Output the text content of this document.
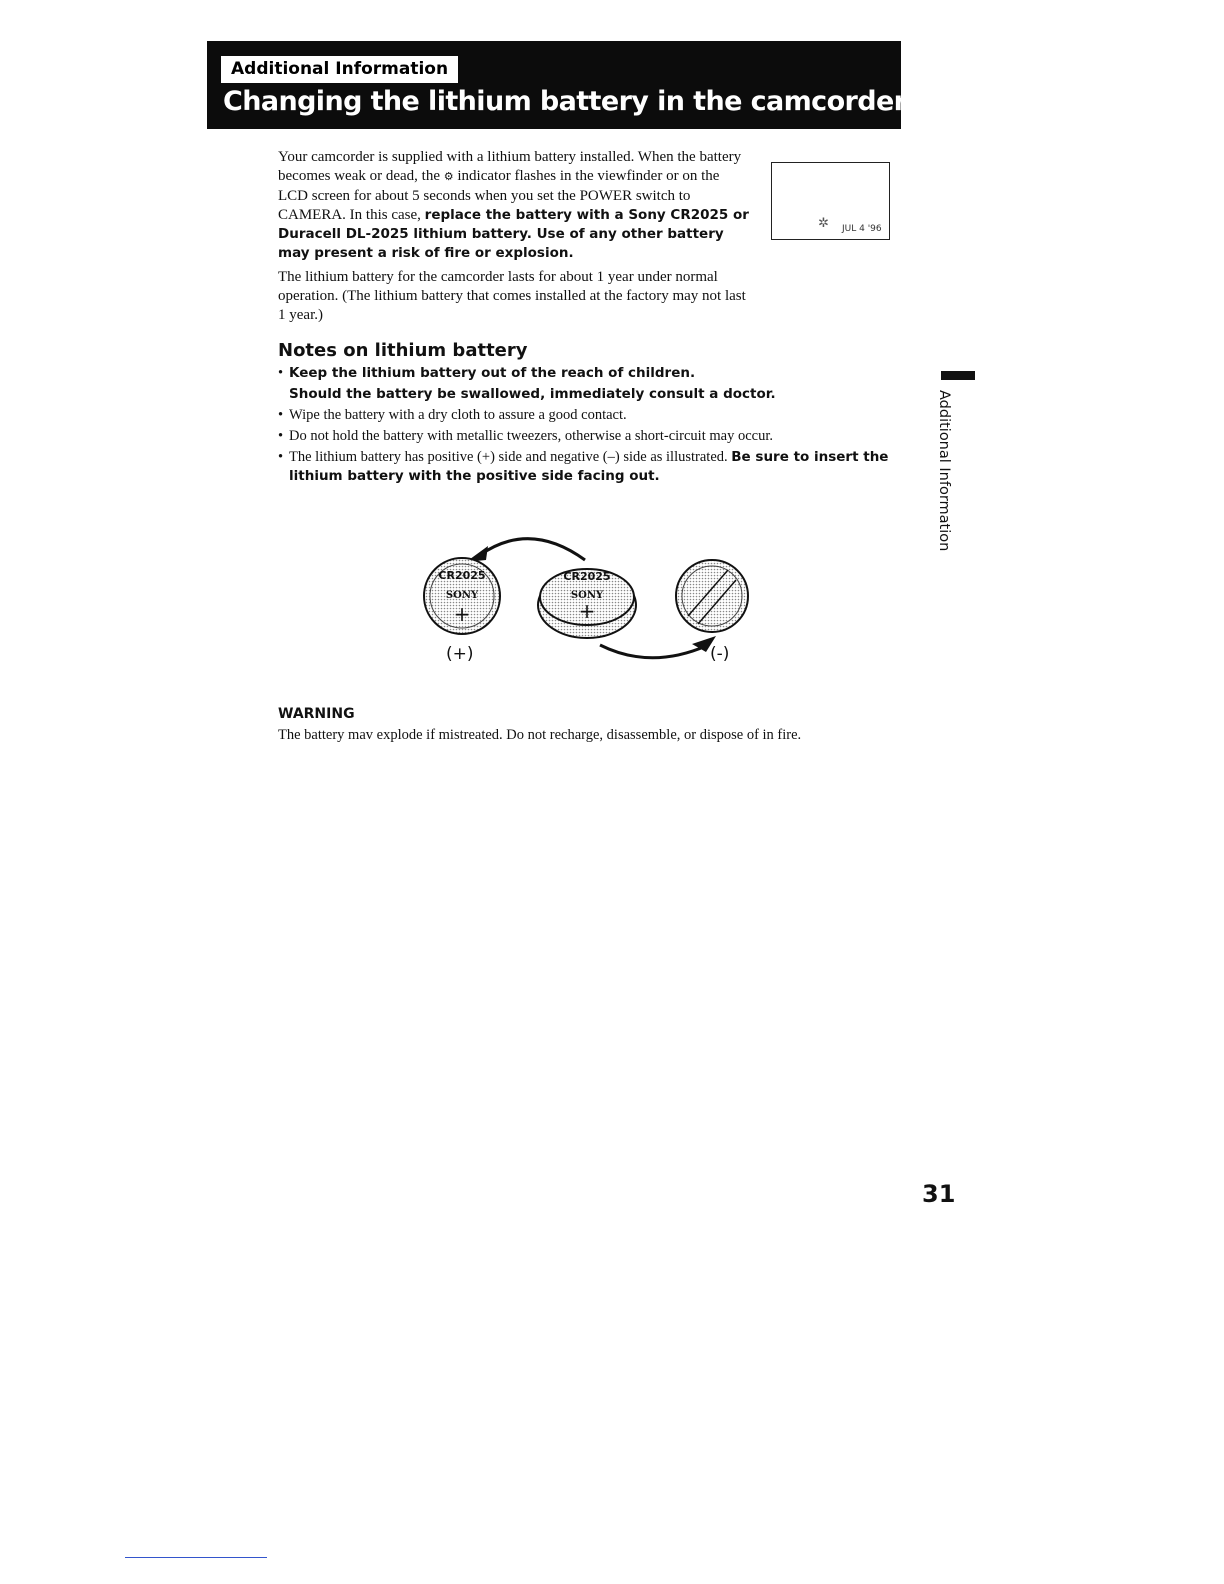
Additional Information
Changing the lithium battery in the camcorder

Your camcorder is supplied with a lithium battery installed. When the battery becomes weak or dead, the ⚙ indicator flashes in the viewfinder or on the LCD screen for about 5 seconds when you set the POWER switch to CAMERA. In this case, replace the battery with a Sony CR2025 or Duracell DL-2025 lithium battery. Use of any other battery may present a risk of fire or explosion.

The lithium battery for the camcorder lasts for about 1 year under normal operation. (The lithium battery that comes installed at the factory may not last 1 year.)

✲ JUL 4 '96
Notes on lithium battery
• Keep the lithium battery out of the reach of children.
Should the battery be swallowed, immediately consult a doctor.
• Wipe the battery with a dry cloth to assure a good contact.
• Do not hold the battery with metallic tweezers, otherwise a short-circuit may occur.
• The lithium battery has positive (+) side and negative (–) side as illustrated. Be sure to insert the lithium battery with the positive side facing out.
CR2025
SONY
+
CR2025
SONY
+
(+)	(-)
WARNING

The battery mav explode if mistreated. Do not recharge, disassemble, or dispose of in fire.

Additional Information
31
